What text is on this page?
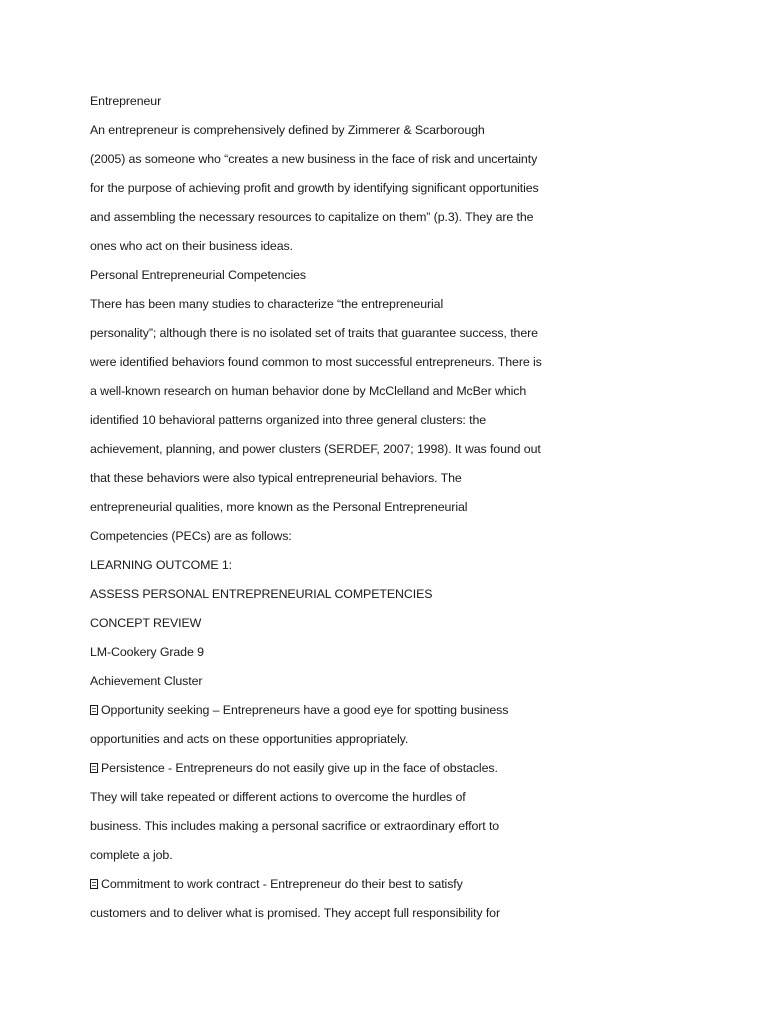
Entrepreneur
An entrepreneur is comprehensively defined by Zimmerer & Scarborough
(2005) as someone who “creates a new business in the face of risk and uncertainty
for the purpose of achieving profit and growth by identifying significant opportunities
and assembling the necessary resources to capitalize on them” (p.3). They are the
ones who act on their business ideas.
Personal Entrepreneurial Competencies
There has been many studies to characterize “the entrepreneurial
personality”; although there is no isolated set of traits that guarantee success, there
were identified behaviors found common to most successful entrepreneurs. There is
a well-known research on human behavior done by McClelland and McBer which
identified 10 behavioral patterns organized into three general clusters: the
achievement, planning, and power clusters (SERDEF, 2007; 1998). It was found out
that these behaviors were also typical entrepreneurial behaviors. The
entrepreneurial qualities, more known as the Personal Entrepreneurial
Competencies (PECs) are as follows:
LEARNING OUTCOME 1:
ASSESS PERSONAL ENTREPRENEURIAL COMPETENCIES
CONCEPT REVIEW
LM-Cookery Grade 9
Achievement Cluster
Opportunity seeking – Entrepreneurs have a good eye for spotting business
opportunities and acts on these opportunities appropriately.
Persistence - Entrepreneurs do not easily give up in the face of obstacles.
They will take repeated or different actions to overcome the hurdles of
business. This includes making a personal sacrifice or extraordinary effort to
complete a job.
Commitment to work contract - Entrepreneur do their best to satisfy
customers and to deliver what is promised. They accept full responsibility for
